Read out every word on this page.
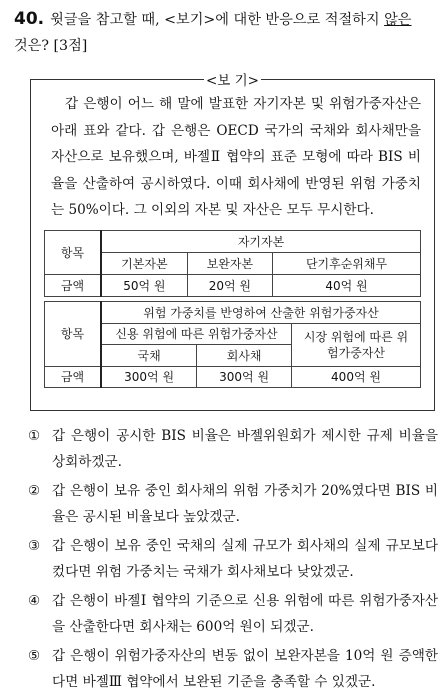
40. 윗글을 참고할 때, <보기>에 대한 반응으로 적절하지 않은
것은? [3점]
<보 기>

갑 은행이 어느 해 말에 발표한 자기자본 및 위험가중자산은 아래 표와 같다. 갑 은행은 OECD 국가의 국채와 회사채만을 자산으로 보유했으며, 바젤Ⅱ 협약의 표준 모형에 따라 BIS 비율을 산출하여 공시하였다. 이때 회사채에 반영된 위험 가중치는 50%이다. 그 이외의 자본 및 자산은 모두 무시한다.

항목	자기자본		
	기본자본	보완자본	단기후순위채무
금액	50억 원	20억 원	40억 원
항목	위험 가중치를 반영하여 산출한 위험가중자산		
	신용 위험에 따른 위험가중자산		시장 위험에 따른 위험가중자산
	국채	회사채	
금액	300억 원	300억 원	400억 원
① 갑 은행이 공시한 BIS 비율은 바젤위원회가 제시한 규제 비율을 상회하겠군.
② 갑 은행이 보유 중인 회사채의 위험 가중치가 20%였다면 BIS 비율은 공시된 비율보다 높았겠군.
③ 갑 은행이 보유 중인 국채의 실제 규모가 회사채의 실제 규모보다 컸다면 위험 가중치는 국채가 회사채보다 낮았겠군.
④ 갑 은행이 바젤Ⅰ 협약의 기준으로 신용 위험에 따른 위험가중자산을 산출한다면 회사채는 600억 원이 되겠군.
⑤ 갑 은행이 위험가중자산의 변동 없이 보완자본을 10억 원 증액한다면 바젤Ⅲ 협약에서 보완된 기준을 충족할 수 있겠군.
